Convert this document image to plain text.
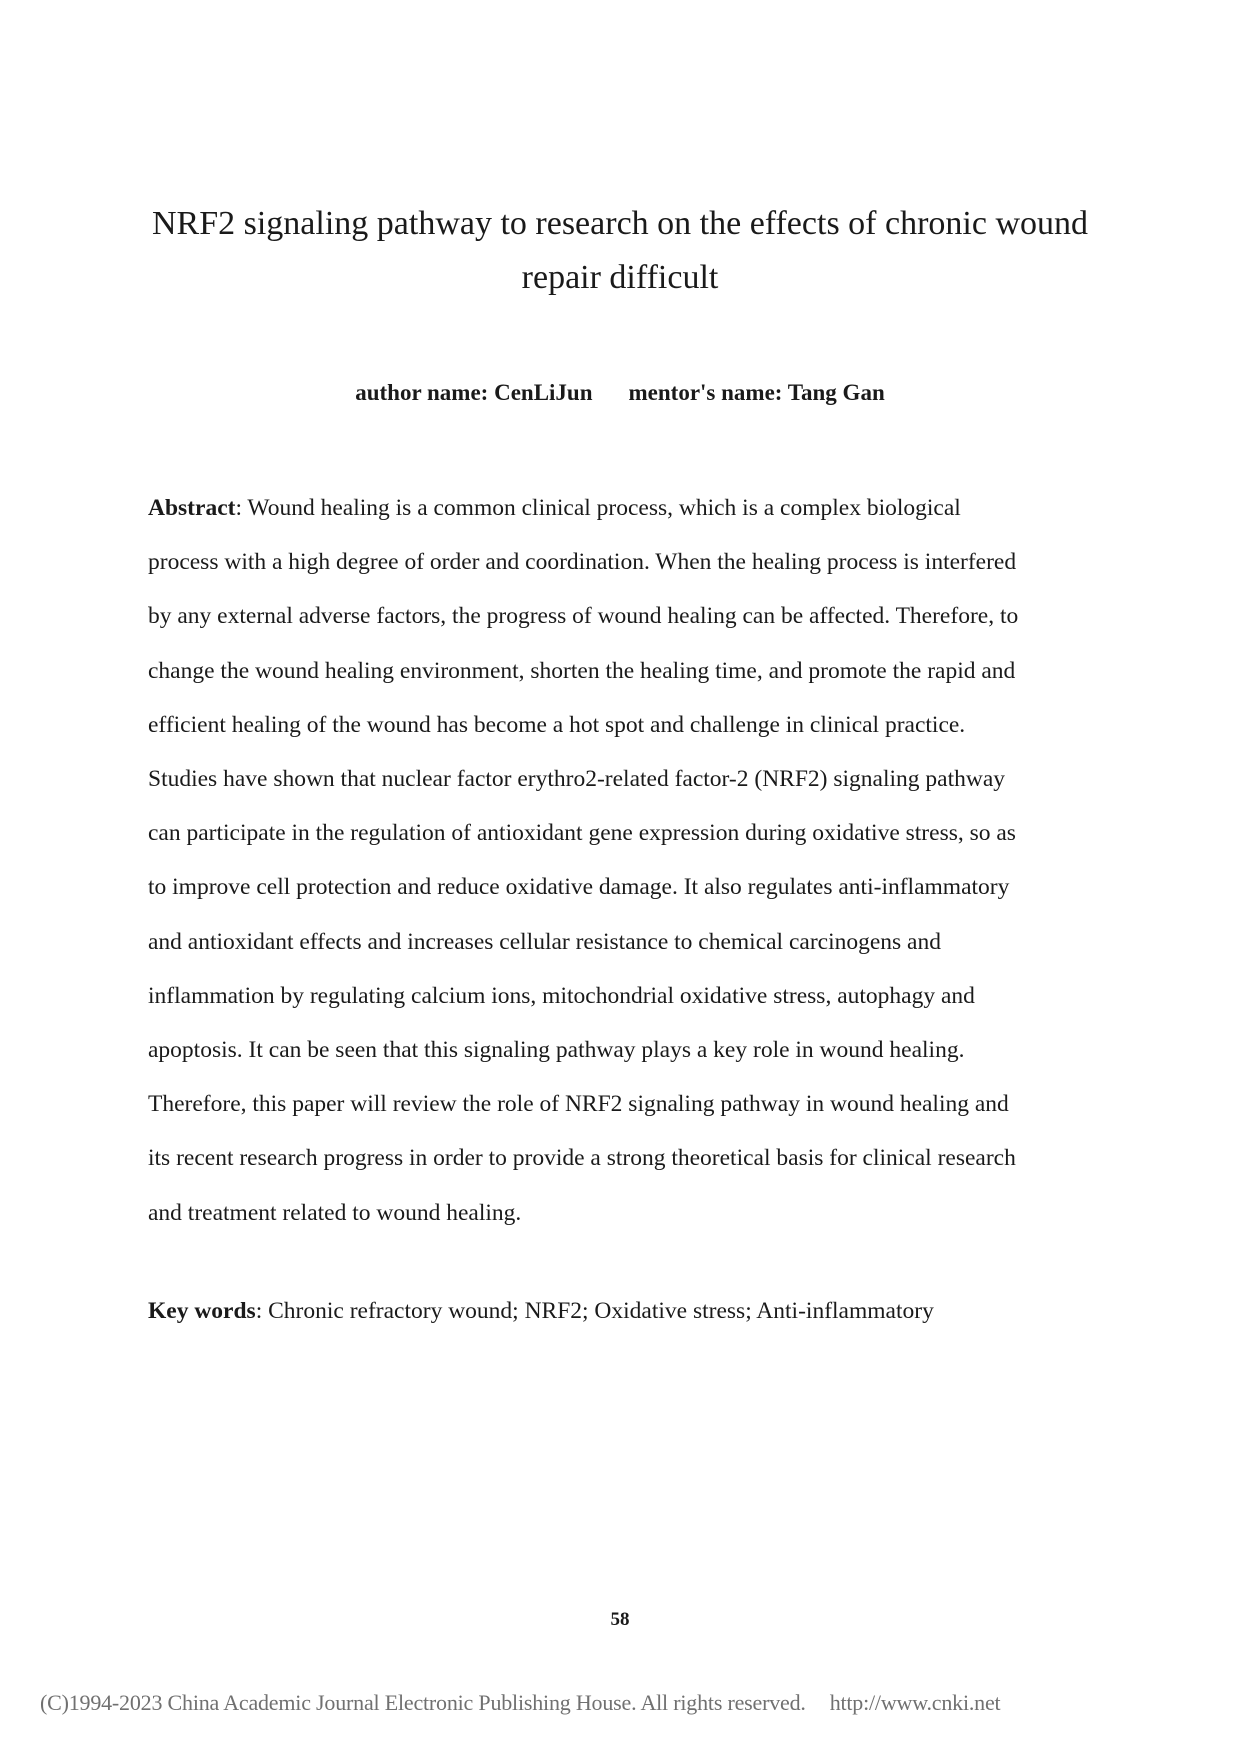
NRF2 signaling pathway to research on the effects of chronic wound
repair difficult
author name: CenLiJun mentor's name: Tang Gan
Abstract: Wound healing is a common clinical process, which is a complex biological
process with a high degree of order and coordination. When the healing process is interfered
by any external adverse factors, the progress of wound healing can be affected. Therefore, to
change the wound healing environment, shorten the healing time, and promote the rapid and
efficient healing of the wound has become a hot spot and challenge in clinical practice.
Studies have shown that nuclear factor erythro2-related factor-2 (NRF2) signaling pathway
can participate in the regulation of antioxidant gene expression during oxidative stress, so as
to improve cell protection and reduce oxidative damage. It also regulates anti-inflammatory
and antioxidant effects and increases cellular resistance to chemical carcinogens and
inflammation by regulating calcium ions, mitochondrial oxidative stress, autophagy and
apoptosis. It can be seen that this signaling pathway plays a key role in wound healing.
Therefore, this paper will review the role of NRF2 signaling pathway in wound healing and
its recent research progress in order to provide a strong theoretical basis for clinical research
and treatment related to wound healing.
Key words: Chronic refractory wound; NRF2; Oxidative stress; Anti-inflammatory
58
(C)1994-2023 China Academic Journal Electronic Publishing House. All rights reserved. http://www.cnki.net
